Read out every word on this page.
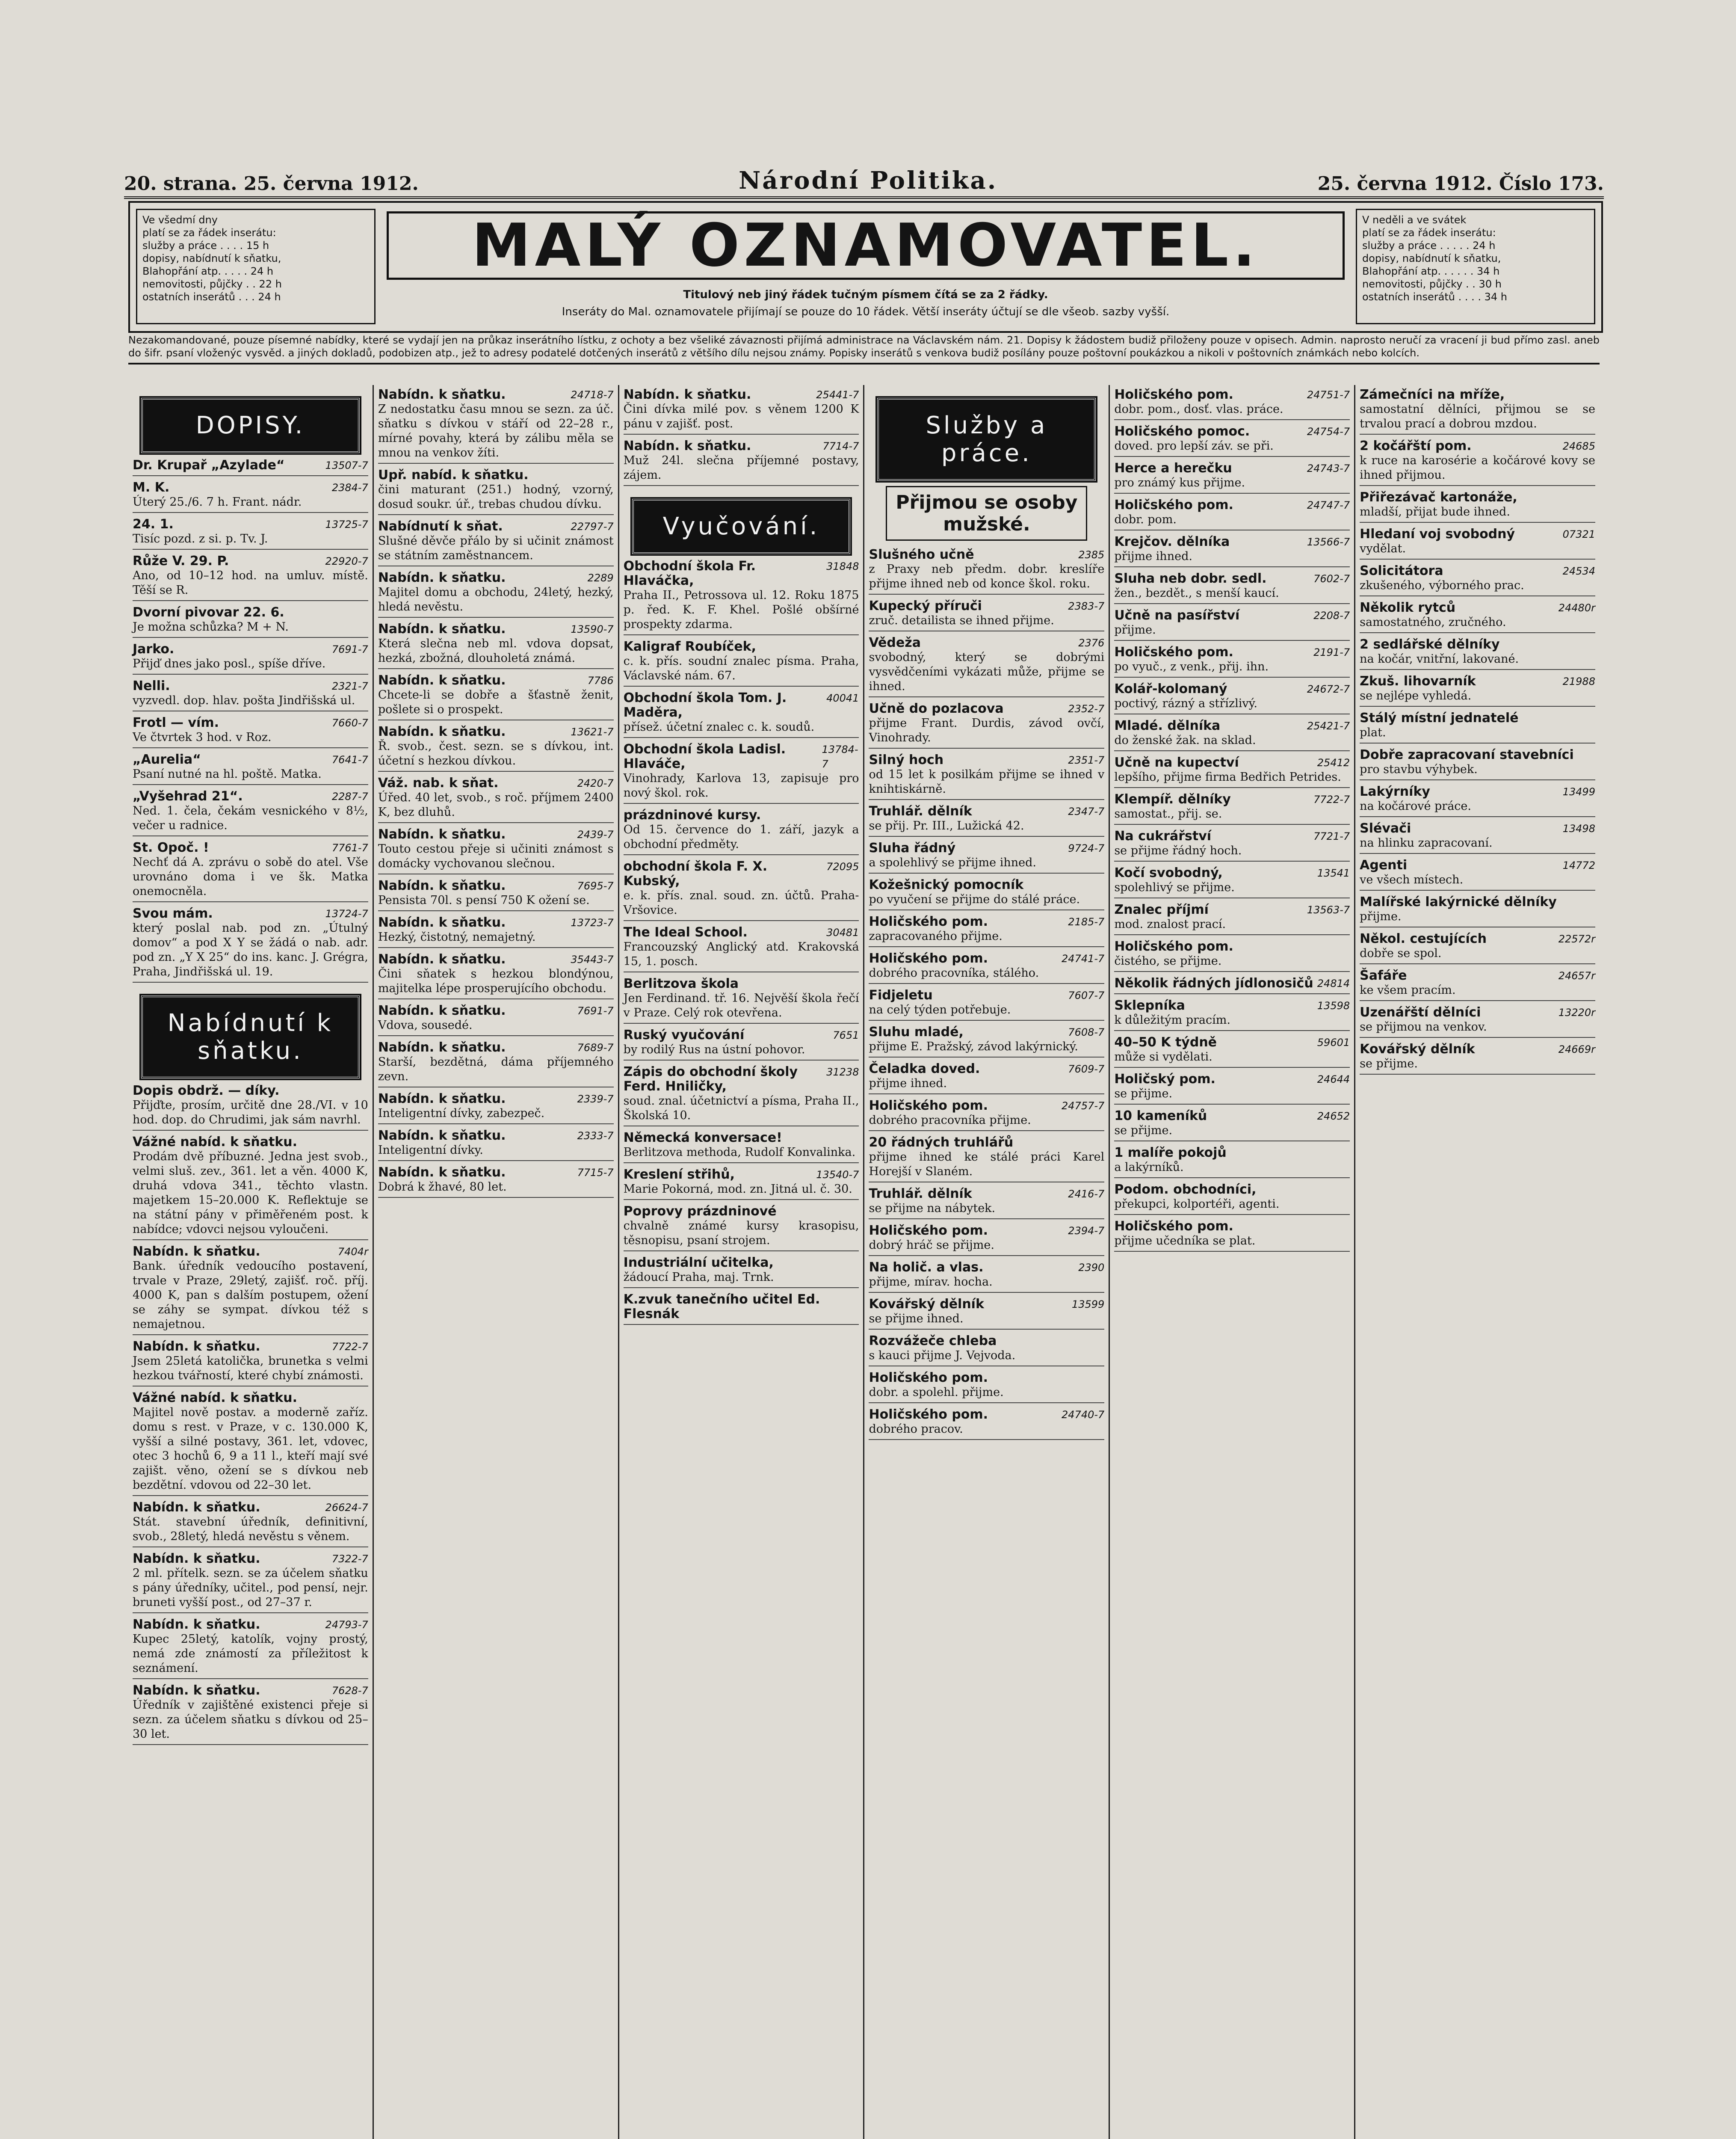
20. strana. 25. června 1912.	Národní Politika.	25. června 1912. Číslo 173.
Ve všedmí dny
platí se za řádek inserátu:
služby a práce . . . . 15 h
dopisy, nabídnutí k sňatku,
Blahopřání atp. . . . . 24 h
nemovitosti, půjčky . . 22 h
ostatních inserátů . . . 24 h
MALÝ OZNAMOVATEL.
Titulový neb jiný řádek tučným písmem čítá se za 2 řádky.
Inseráty do Mal. oznamovatele přijímají se pouze do 10 řádek. Větší inseráty účtují se dle všeob. sazby vyšší.
V neděli a ve svátek
platí se za řádek inserátu:
služby a práce . . . . . 24 h
dopisy, nabídnutí k sňatku,
Blahopřání atp. . . . . . 34 h
nemovitosti, půjčky . . 30 h
ostatních inserátů . . . . 34 h
Nezakomandované, pouze písemné nabídky, které se vydají jen na průkaz inserátního lístku, z ochoty a bez všeliké závaznosti přijímá administrace na Václavském nám. 21. Dopisy k žádostem budiž přiloženy pouze v opisech. Admin. naprosto neručí za vracení ji bud přímo zasl. aneb do šifr. psaní vloženýc vysvěd. a jiných dokladů, podobizen atp., jež to adresy podatelé dotčených inserátů z většího dílu nejsou známy. Popisky inserátů s venkova budiž posílány pouze poštovní poukázkou a nikoli v poštovních známkách nebo kolcích.
DOPISY.
Dr. Krupař „Azylade“	13507-7
M. K.	2384-7
Úterý 25./6. 7 h. Frant. nádr.
24. 1.	13725-7
Tisíc pozd. z si. p. Tv. J.
Růže V. 29. P.	22920-7
Ano, od 10–12 hod. na umluv. místě. Těší se R.
Dvorní pivovar 22. 6.
Je možna schůzka? M + N.
Jarko.	7691-7
Přijď dnes jako posl., spíše dříve.
Nelli.	2321-7
vyzvedl. dop. hlav. pošta Jindřišská ul.
Frotl — vím.	7660-7
Ve čtvrtek 3 hod. v Roz.
„Aurelia“	7641-7
Psaní nutné na hl. poště. Matka.
„Vyšehrad 21“.	2287-7
Ned. 1. čela, čekám vesnického v 8½, večer u radnice.
St. Opoč. !	7761-7
Nechť dá A. zprávu o sobě do atel. Vše urovnáno doma i ve šk. Matka onemocněla.
Svou mám.	13724-7
který poslal nab. pod zn. „Útulný domov“ a pod X Y se žádá o nab. adr. pod zn. „Y X 25“ do ins. kanc. J. Grégra, Praha, Jindřišská ul. 19.
Nabídnutí k sňatku.
Dopis obdrž. — díky.
Přijďte, prosím, určitě dne 28./VI. v 10 hod. dop. do Chrudimi, jak sám navrhl.
Vážné nabíd. k sňatku.
Prodám dvě příbuzné. Jedna jest svob., velmi sluš. zev., 361. let a věn. 4000 K, druhá vdova 341., těchto vlastn. majetkem 15–20.000 K. Reflektuje se na státní pány v přiměřeném post. k nabídce; vdovci nejsou vyloučeni.
Nabídn. k sňatku.	7404r
Bank. úředník vedoucího postavení, trvale v Praze, 29letý, zajišť. roč. příj. 4000 K, pan s dalším postupem, ožení se záhy se sympat. dívkou též s nemajetnou.
Nabídn. k sňatku.	7722-7
Jsem 25letá katolička, brunetka s velmi hezkou tvářností, které chybí známosti.
Vážné nabíd. k sňatku.
Majitel nově postav. a moderně zaříz. domu s rest. v Praze, v c. 130.000 K, vyšší a silné postavy, 361. let, vdovec, otec 3 hochů 6, 9 a 11 l., kteří mají své zajišt. věno, ožení se s dívkou neb bezdětní. vdovou od 22–30 let.
Nabídn. k sňatku.	26624-7
Stát. stavební úředník, definitivní, svob., 28letý, hledá nevěstu s věnem.
Nabídn. k sňatku.	7322-7
2 ml. přítelk. sezn. se za účelem sňatku s pány úředníky, učitel., pod pensí, nejr. bruneti vyšší post., od 27–37 r.
Nabídn. k sňatku.	24793-7
Kupec 25letý, katolík, vojny prostý, nemá zde známostí za příležitost k seznámení.
Nabídn. k sňatku.	7628-7
Úředník v zajištěné existenci přeje si sezn. za účelem sňatku s dívkou od 25–30 let.
Nabídn. k sňatku.	24718-7
Z nedostatku času mnou se sezn. za úč. sňatku s dívkou v stáří od 22–28 r., mírné povahy, která by zálibu měla se mnou na venkov žíti.
Upř. nabíd. k sňatku.
čini maturant (251.) hodný, vzorný, dosud soukr. úř., trebas chudou dívku.
Nabídnutí k sňat.	22797-7
Slušné děvče přálo by si učinit známost se státním zaměstnancem.
Nabídn. k sňatku.	2289
Majitel domu a obchodu, 24letý, hezký, hledá nevěstu.
Nabídn. k sňatku.	13590-7
Která slečna neb ml. vdova dopsat, hezká, zbožná, dlouholetá známá.
Nabídn. k sňatku.	7786
Chcete-li se dobře a šťastně ženit, pošlete si o prospekt.
Nabídn. k sňatku.	13621-7
Ř. svob., čest. sezn. se s dívkou, int. účetní s hezkou dívkou.
Váž. nab. k sňat.	2420-7
Úřed. 40 let, svob., s roč. příjmem 2400 K, bez dluhů.
Nabídn. k sňatku.	2439-7
Touto cestou přeje si učiniti známost s domácky vychovanou slečnou.
Nabídn. k sňatku.	7695-7
Pensista 70l. s pensí 750 K ožení se.
Nabídn. k sňatku.	13723-7
Hezký, čistotný, nemajetný.
Nabídn. k sňatku.	35443-7
Čini sňatek s hezkou blondýnou, majitelka lépe prosperujícího obchodu.
Nabídn. k sňatku.	7691-7
Vdova, sousedé.
Nabídn. k sňatku.	7689-7
Starší, bezdětná, dáma příjemného zevn.
Nabídn. k sňatku.	2339-7
Inteligentní dívky, zabezpeč.
Nabídn. k sňatku.	2333-7
Inteligentní dívky.
Nabídn. k sňatku.	7715-7
Dobrá k žhavé, 80 let.
Nabídn. k sňatku.	25441-7
Čini dívka milé pov. s věnem 1200 K pánu v zajišť. post.
Nabídn. k sňatku.	7714-7
Muž 24l. slečna příjemné postavy, zájem.
Vyučování.
Obchodní škola Fr. Hlaváčka,
31848
Praha II., Petrossova ul. 12. Roku 1875 p. řed. K. F. Khel. Pošlé obšírné prospekty zdarma.
Kaligraf Roubíček,
c. k. přís. soudní znalec písma. Praha, Václavské nám. 67.
Obchodní škola Tom. J. Maděra,
40041
přísež. účetní znalec c. k. soudů.
Obchodní škola Ladisl. Hlaváče,
13784-7
Vinohrady, Karlova 13, zapisuje pro nový škol. rok.
prázdninové kursy.
Od 15. července do 1. září, jazyk a obchodní předměty.
obchodní škola F. X. Kubský,
72095
e. k. přís. znal. soud. zn. účtů. Praha-Vršovice.
The Ideal School.	30481
Francouzský Anglický atd. Krakovská 15, 1. posch.
Berlitzova škola
Jen Ferdinand. tř. 16. Nejvěší škola řečí v Praze. Celý rok otevřena.
Ruský vyučování	7651
by rodilý Rus na ústní pohovor.
Zápis do obchodní školy Ferd. Hniličky,
31238
soud. znal. účetnictví a písma, Praha II., Školská 10.
Německá konversace!
Berlitzova methoda, Rudolf Konvalinka.
Kreslení střihů,	13540-7
Marie Pokorná, mod. zn. Jitná ul. č. 30.
Poprovy prázdninové
chvalně známé kursy krasopisu, těsnopisu, psaní strojem.
Industriální učitelka,
žádoucí Praha, maj. Trnk.
K.zvuk tanečního učitel Ed. Flesnák
Služby a práce.
Přijmou se osoby mužské.
Slušného učně	2385
z Praxy neb předm. dobr. kreslíře přijme ihned neb od konce škol. roku.
Kupecký příruči	2383-7
zruč. detailista se ihned přijme.
Vědeža	2376
svobodný, který se dobrými vysvědčeními vykázati může, přijme se ihned.
Učně do pozlacova	2352-7
přijme Frant. Durdis, závod ovčí, Vinohrady.
Silný hoch	2351-7
od 15 let k posilkám přijme se ihned v knihtiskárně.
Truhlář. dělník	2347-7
se přij. Pr. III., Lužická 42.
Sluha řádný	9724-7
a spolehlivý se přijme ihned.
Kožešnický pomocník
po vyučení se přijme do stálé práce.
Holičského pom.	2185-7
zapracovaného přijme.
Holičského pom.	24741-7
dobrého pracovníka, stálého.
Fidjeletu	7607-7
na celý týden potřebuje.
Sluhu mladé,	7608-7
přijme E. Pražský, závod lakýrnický.
Čeladka doved.	7609-7
přijme ihned.
Holičského pom.	24757-7
dobrého pracovníka přijme.
20 řádných truhlářů
přijme ihned ke stálé práci Karel Horejší v Slaném.
Truhlář. dělník	2416-7
se přijme na nábytek.
Holičského pom.	2394-7
dobrý hráč se přijme.
Na holič. a vlas.	2390
přijme, mírav. hocha.
Kovářský dělník	13599
se přijme ihned.
Rozvážeče chleba
s kauci přijme J. Vejvoda.
Holičského pom.
dobr. a spolehl. přijme.
Holičského pom.	24740-7
dobrého pracov.
Holičského pom.	24751-7
dobr. pom., dosť. vlas. práce.
Holičského pomoc.	24754-7
doved. pro lepší záv. se při.
Herce a herečku	24743-7
pro známý kus přijme.
Holičského pom.	24747-7
dobr. pom.
Krejčov. dělníka	13566-7
přijme ihned.
Sluha neb dobr. sedl.	7602-7
žen., bezdět., s menší kaucí.
Učně na pasířství	2208-7
přijme.
Holičského pom.	2191-7
po vyuč., z venk., přij. ihn.
Kolář-kolomaný	24672-7
poctivý, rázný a střízlivý.
Mladé. dělníka	25421-7
do ženské žak. na sklad.
Učně na kupectví	25412
lepšího, přijme firma Bedřich Petrides.
Klempíř. dělníky	7722-7
samostat., přij. se.
Na cukrářství	7721-7
se přijme řádný hoch.
Kočí svobodný,	13541
spolehlivý se přijme.
Znalec příjmí	13563-7
mod. znalost prací.
Holičského pom.
čistého, se přijme.
Několik řádných jídlonosičů 24814
Sklepníka	13598
k důležitým pracím.
40–50 K týdně	59601
může si vydělati.
Holičský pom.	24644
se přijme.
10 kameníků	24652
se přijme.
1 malíře pokojů
a lakýrníků.
Podom. obchodníci,
překupci, kolportéři, agenti.
Holičského pom.
přijme učedníka se plat.
Zámečníci na mříže,
samostatní dělníci, přijmou se se trvalou prací a dobrou mzdou.
2 kočářští pom.	24685
k ruce na karosérie a kočárové kovy se ihned přijmou.
Přiřezávač kartonáže,
mladší, přijat bude ihned.
Hledaní voj svobodný	07321
vydělat.
Solicitátora	24534
zkušeného, výborného prac.
Několik rytců	24480r
samostatného, zručného.
2 sedlářské dělníky
na kočár, vnitřní, lakované.
Zkuš. lihovarník	21988
se nejlépe vyhledá.
Stálý místní jednatelé
plat.
Dobře zapracovaní stavebníci
pro stavbu výhybek.
Lakýrníky	13499
na kočárové práce.
Slévači	13498
na hlinku zapracovaní.
Agenti	14772
ve všech místech.
Malířské lakýrnické dělníky
přijme.
Někol. cestujících	22572r
dobře se spol.
Šafáře	24657r
ke všem pracím.
Uzenářští dělníci	13220r
se přijmou na venkov.
Kovářský dělník	24669r
se přijme.
